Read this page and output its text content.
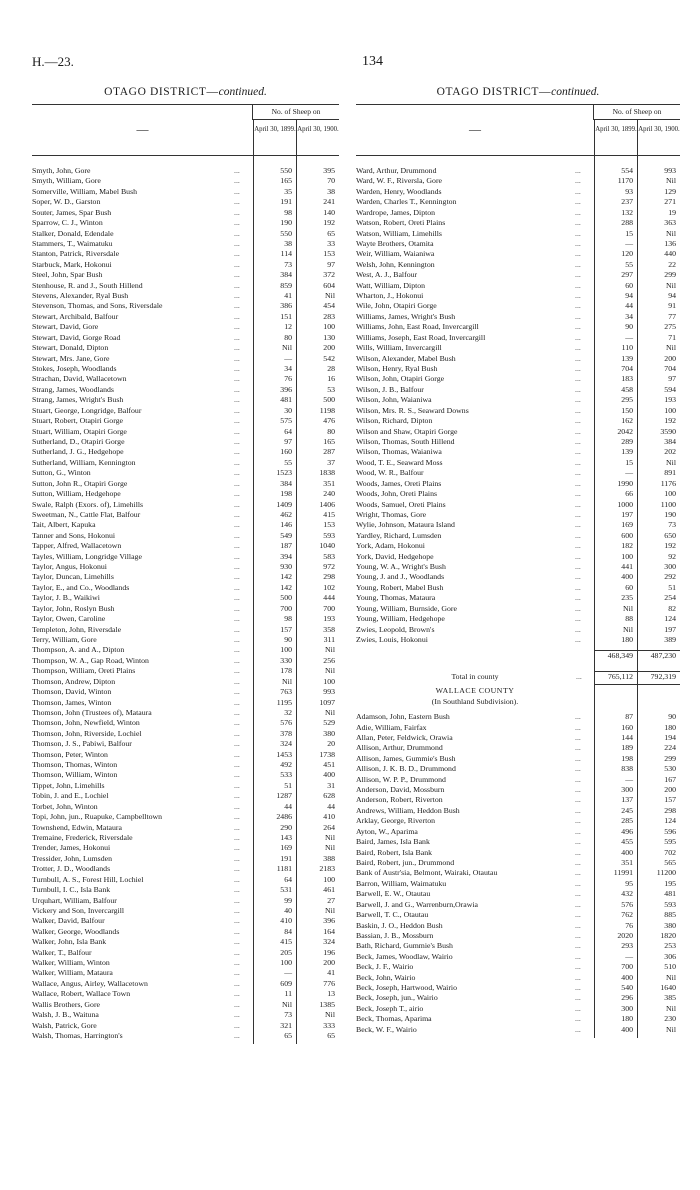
H.—23.	134
OTAGO DISTRICT—continued.
—
No. of Sheep on
April 30, 1899. April 30, 1900.
Smyth, John, Gore	...	550	395
Smyth, William, Gore	...	165	70
Somerville, William, Mabel Bush	...	35	38
Soper, W. D., Garston	...	191	241
Souter, James, Spar Bush	...	98	140
Sparrow, C. J., Winton	...	190	192
Stalker, Donald, Edendale	...	550	65
Stammers, T., Waimatuku	...	38	33
Stanton, Patrick, Riversdale	...	114	153
Starbuck, Mark, Hokonui	...	73	97
Steel, John, Spar Bush	...	384	372
Stenhouse, R. and J., South Hillend	...	859	604
Stevens, Alexander, Ryal Bush	...	41	Nil
Stevenson, Thomas, and Sons, Riversdale	...	386	454
Stewart, Archibald, Balfour	...	151	283
Stewart, David, Gore	...	12	100
Stewart, David, Gorge Road	...	80	130
Stewart, Donald, Dipton	...	Nil	200
Stewart, Mrs. Jane, Gore	...	—	542
Stokes, Joseph, Woodlands	...	34	28
Strachan, David, Wallacetown	...	76	16
Strang, James, Woodlands	...	396	53
Strang, James, Wright's Bush	...	481	500
Stuart, George, Longridge, Balfour	...	30	1198
Stuart, Robert, Otapiri Gorge	...	575	476
Stuart, William, Otapiri Gorge	...	64	80
Sutherland, D., Otapiri Gorge	...	97	165
Sutherland, J. G., Hedgehope	...	160	287
Sutherland, William, Kennington	...	55	37
Sutton, G., Winton	...	1523	1838
Sutton, John R., Otapiri Gorge	...	384	351
Sutton, William, Hedgehope	...	198	240
Swale, Ralph (Exors. of), Limehills	...	1409	1406
Sweetman, N., Cattle Flat, Balfour	...	462	415
Tait, Albert, Kapuka	...	146	153
Tanner and Sons, Hokonui	...	549	593
Tapper, Alfred, Wallacetown	...	187	1040
Tayles, William, Longridge Village	...	394	583
Taylor, Angus, Hokonui	...	930	972
Taylor, Duncan, Limehills	...	142	298
Taylor, E., and Co., Woodlands	...	142	102
Taylor, J. B., Waikiwi	...	500	444
Taylor, John, Roslyn Bush	...	700	700
Taylor, Owen, Caroline	...	98	193
Templeton, John, Riversdale	...	157	358
Terry, William, Gore	...	90	311
Thompson, A. and A., Dipton	...	100	Nil
Thompson, W. A., Gap Road, Winton	...	330	256
Thompson, William, Oreti Plains	...	178	Nil
Thomson, Andrew, Dipton	...	Nil	100
Thomson, David, Winton	...	763	993
Thomson, James, Winton	...	1195	1097
Thomson, John (Trustees of), Mataura	...	32	Nil
Thomson, John, Newfield, Winton	...	576	529
Thomson, John, Riverside, Lochiel	...	378	380
Thomson, J. S., Pabiwi, Balfour	...	324	20
Thomson, Peter, Winton	...	1453	1738
Thomson, Thomas, Winton	...	492	451
Thomson, William, Winton	...	533	400
Tippet, John, Limehills	...	51	31
Tobin, J. and E., Lochiel	...	1287	628
Torbet, John, Winton	...	44	44
Topi, John, jun., Ruapuke, Campbelltown	...	2486	410
Townshend, Edwin, Mataura	...	290	264
Tremaine, Frederick, Riversdale	...	143	Nil
Trender, James, Hokonui	...	169	Nil
Tressider, John, Lumsden	...	191	388
Trotter, J. D., Woodlands	...	1181	2183
Turnbull, A. S., Forest Hill, Lochiel	...	64	100
Turnbull, I. C., Isla Bank	...	531	461
Urquhart, William, Balfour	...	99	27
Vickery and Son, Invercargill	...	40	Nil
Walker, David, Balfour	...	410	396
Walker, George, Woodlands	...	84	164
Walker, John, Isla Bank	...	415	324
Walker, T., Balfour	...	205	196
Walker, William, Winton	...	100	200
Walker, William, Mataura	...	—	41
Wallace, Angus, Airley, Wallacetown	...	609	776
Wallace, Robert, Wallace Town	...	11	13
Wallis Brothers, Gore	...	Nil	1385
Walsh, J. B., Waituna	...	73	Nil
Walsh, Patrick, Gore	...	321	333
Walsh, Thomas, Harrington's	...	65	65
OTAGO DISTRICT—continued.
—
No. of Sheep on
April 30, 1899. April 30, 1900.
Ward, Arthur, Drummond	...	554	993
Ward, W. F., Riversla, Gore	...	1170	Nil
Warden, Henry, Woodlands	...	93	129
Warden, Charles T., Kennington	...	237	271
Wardrope, James, Dipton	...	132	19
Watson, Robert, Oreti Plains	...	288	363
Watson, William, Limehills	...	15	Nil
Wayte Brothers, Otamita	...	—	136
Weir, William, Waianiwa	...	120	440
Welsh, John, Kennington	...	55	22
West, A. J., Balfour	...	297	299
Watt, William, Dipton	...	60	Nil
Wharton, J., Hokonui	...	94	94
Wile, John, Otapiri Gorge	...	44	91
Williams, James, Wright's Bush	...	34	77
Williams, John, East Road, Invercargill	...	90	275
Williams, Joseph, East Road, Invercargill	...	—	71
Wills, William, Invercargill	...	110	Nil
Wilson, Alexander, Mabel Bush	...	139	200
Wilson, Henry, Ryal Bush	...	704	704
Wilson, John, Otapiri Gorge	...	183	97
Wilson, J. B., Balfour	...	458	594
Wilson, John, Waianiwa	...	295	193
Wilson, Mrs. R. S., Seaward Downs	...	150	100
Wilson, Richard, Dipton	...	162	192
Wilson and Shaw, Otapiri Gorge	...	2042	3590
Wilson, Thomas, South Hillend	...	289	384
Wilson, Thomas, Waianiwa	...	139	202
Wood, T. E., Seaward Moss	...	15	Nil
Wood, W. R., Balfour	...	—	891
Woods, James, Oreti Plains	...	1990	1176
Woods, John, Oreti Plains	...	66	100
Woods, Samuel, Oreti Plains	...	1000	1100
Wright, Thomas, Gore	...	197	190
Wylie, Johnson, Mataura Island	...	169	73
Yardley, Richard, Lumsden	...	600	650
York, Adam, Hokonui	...	182	192
York, David, Hedgehope	...	100	92
Young, W. A., Wright's Bush	...	441	300
Young, J. and J., Woodlands	...	400	292
Young, Robert, Mabel Bush	...	60	51
Young, Thomas, Mataura	...	235	254
Young, William, Burnside, Gore	...	Nil	82
Young, William, Hedgehope	...	88	124
Zwies, Leopold, Brown's	...	Nil	197
Zwies, Louis, Hokonui	...	180	389
468,349	487,230
Total in county	...	765,112	792,319
WALLACE COUNTY
(In Southland Subdivision).
Adamson, John, Eastern Bush	...	87	90
Adie, William, Fairfax	...	160	180
Allan, Peter, Feldwick, Orawia	...	144	194
Allison, Arthur, Drummond	...	189	224
Allison, James, Gummie's Bush	...	198	299
Allison, J. K. B. D., Drummond	...	838	530
Allison, W. P. P., Drummond	...	—	167
Anderson, David, Mossburn	...	300	200
Anderson, Robert, Riverton	...	137	157
Andrews, William, Heddon Bush	...	245	298
Arklay, George, Riverton	...	285	124
Ayton, W., Aparima	...	496	596
Baird, James, Isla Bank	...	455	595
Baird, Robert, Isla Bank	...	400	702
Baird, Robert, jun., Drummond	...	351	565
Bank of Austr'sia, Belmont, Wairaki, Otautau	...	11991	11200
Barron, William, Waimatuku	...	95	195
Barwell, E. W., Otautau	...	432	481
Barwell, J. and G., Warrenburn,Orawia	...	576	593
Barwell, T. C., Otautau	...	762	885
Baskin, J. O., Heddon Bush	...	76	380
Bassian, J. B., Mossburn	...	2020	1820
Bath, Richard, Gummie's Bush	...	293	253
Beck, James, Woodlaw, Wairio	...	—	306
Beck, J. F., Wairio	...	700	510
Beck, John, Wairio	...	400	Nil
Beck, Joseph, Hartwood, Wairio	...	540	1640
Beck, Joseph, jun., Wairio	...	296	385
Beck, Joseph T., airio	...	300	Nil
Beck, Thomas, Aparima	...	180	230
Beck, W. F., Wairio	...	400	Nil
